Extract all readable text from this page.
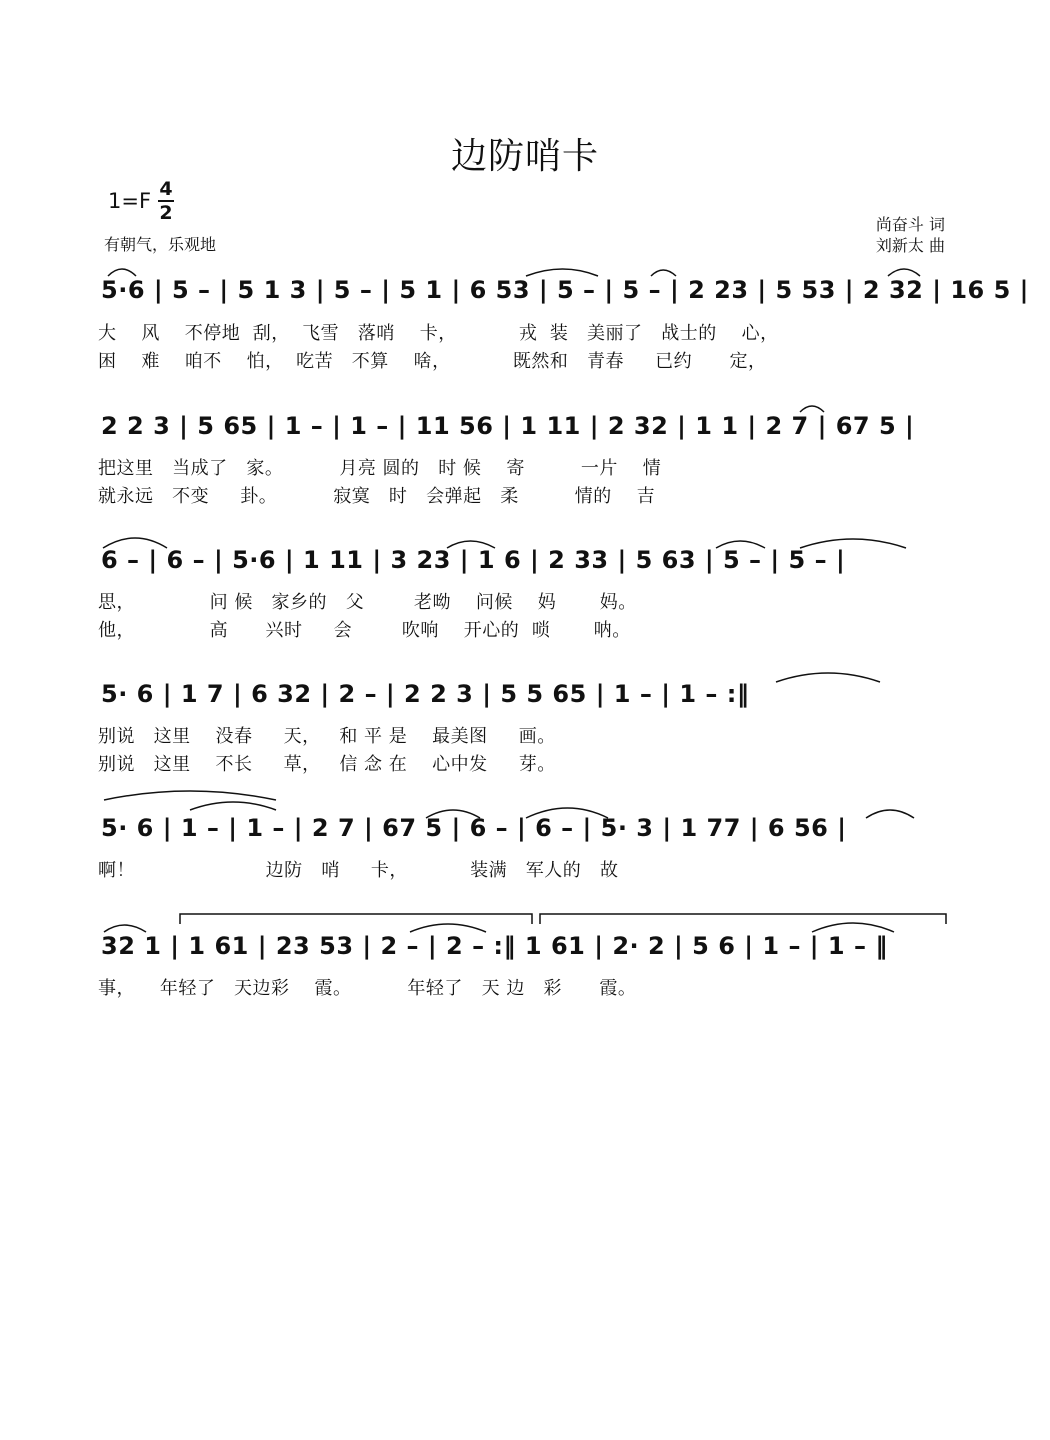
边防哨卡
1=F 4
2
有朝气，乐观地
尚奋斗 词
刘新太 曲
5·6 | 5 – | 5 1 3 | 5 – | 5 1 | 6 53 | 5 – | 5 – | 2 23 | 5 53 | 2 32 | 16 5 |
大    风    不停地  刮，  飞雪   落哨    卡，          戎  装   美丽了   战士的    心，
困    难    咱不    怕，  吃苦   不算    啥，          既然和   青春     已约      定，
2 2 3 | 5 65 | 1 – | 1 – | 11 56 | 1 11 | 2 32 | 1 1 | 2 7 | 67 5 |
把这里   当成了   家。         月亮 圆的   时 候    寄         一片    情
就永远   不变     卦。         寂寞   时   会弹起   柔         情的    吉
6 – | 6 – | 5·6 | 1 11 | 3 23 | 1 6 | 2 33 | 5 63 | 5 – | 5 – |
思，            问 候   家乡的   父        老呦    问候    妈       妈。
他，            高      兴时     会        吹响    开心的  唢       呐。
5· 6 | 1 7 | 6 32 | 2 – | 2 2 3 | 5 5 65 | 1 – | 1 – :‖
别说   这里    没春     天，   和 平 是    最美图     画。
别说   这里    不长     草，   信 念 在    心中发     芽。
5· 6 | 1 – | 1 – | 2 7 | 67 5 | 6 – | 6 – | 5· 3 | 1 77 | 6 56 |
啊！                     边防   哨     卡，          装满   军人的   故
32 1 | 1 61 | 23 53 | 2 – | 2 – :‖ 1 61 | 2· 2 | 5 6 | 1 – | 1 – ‖
事，    年轻了   天边彩    霞。         年轻了   天 边   彩      霞。
